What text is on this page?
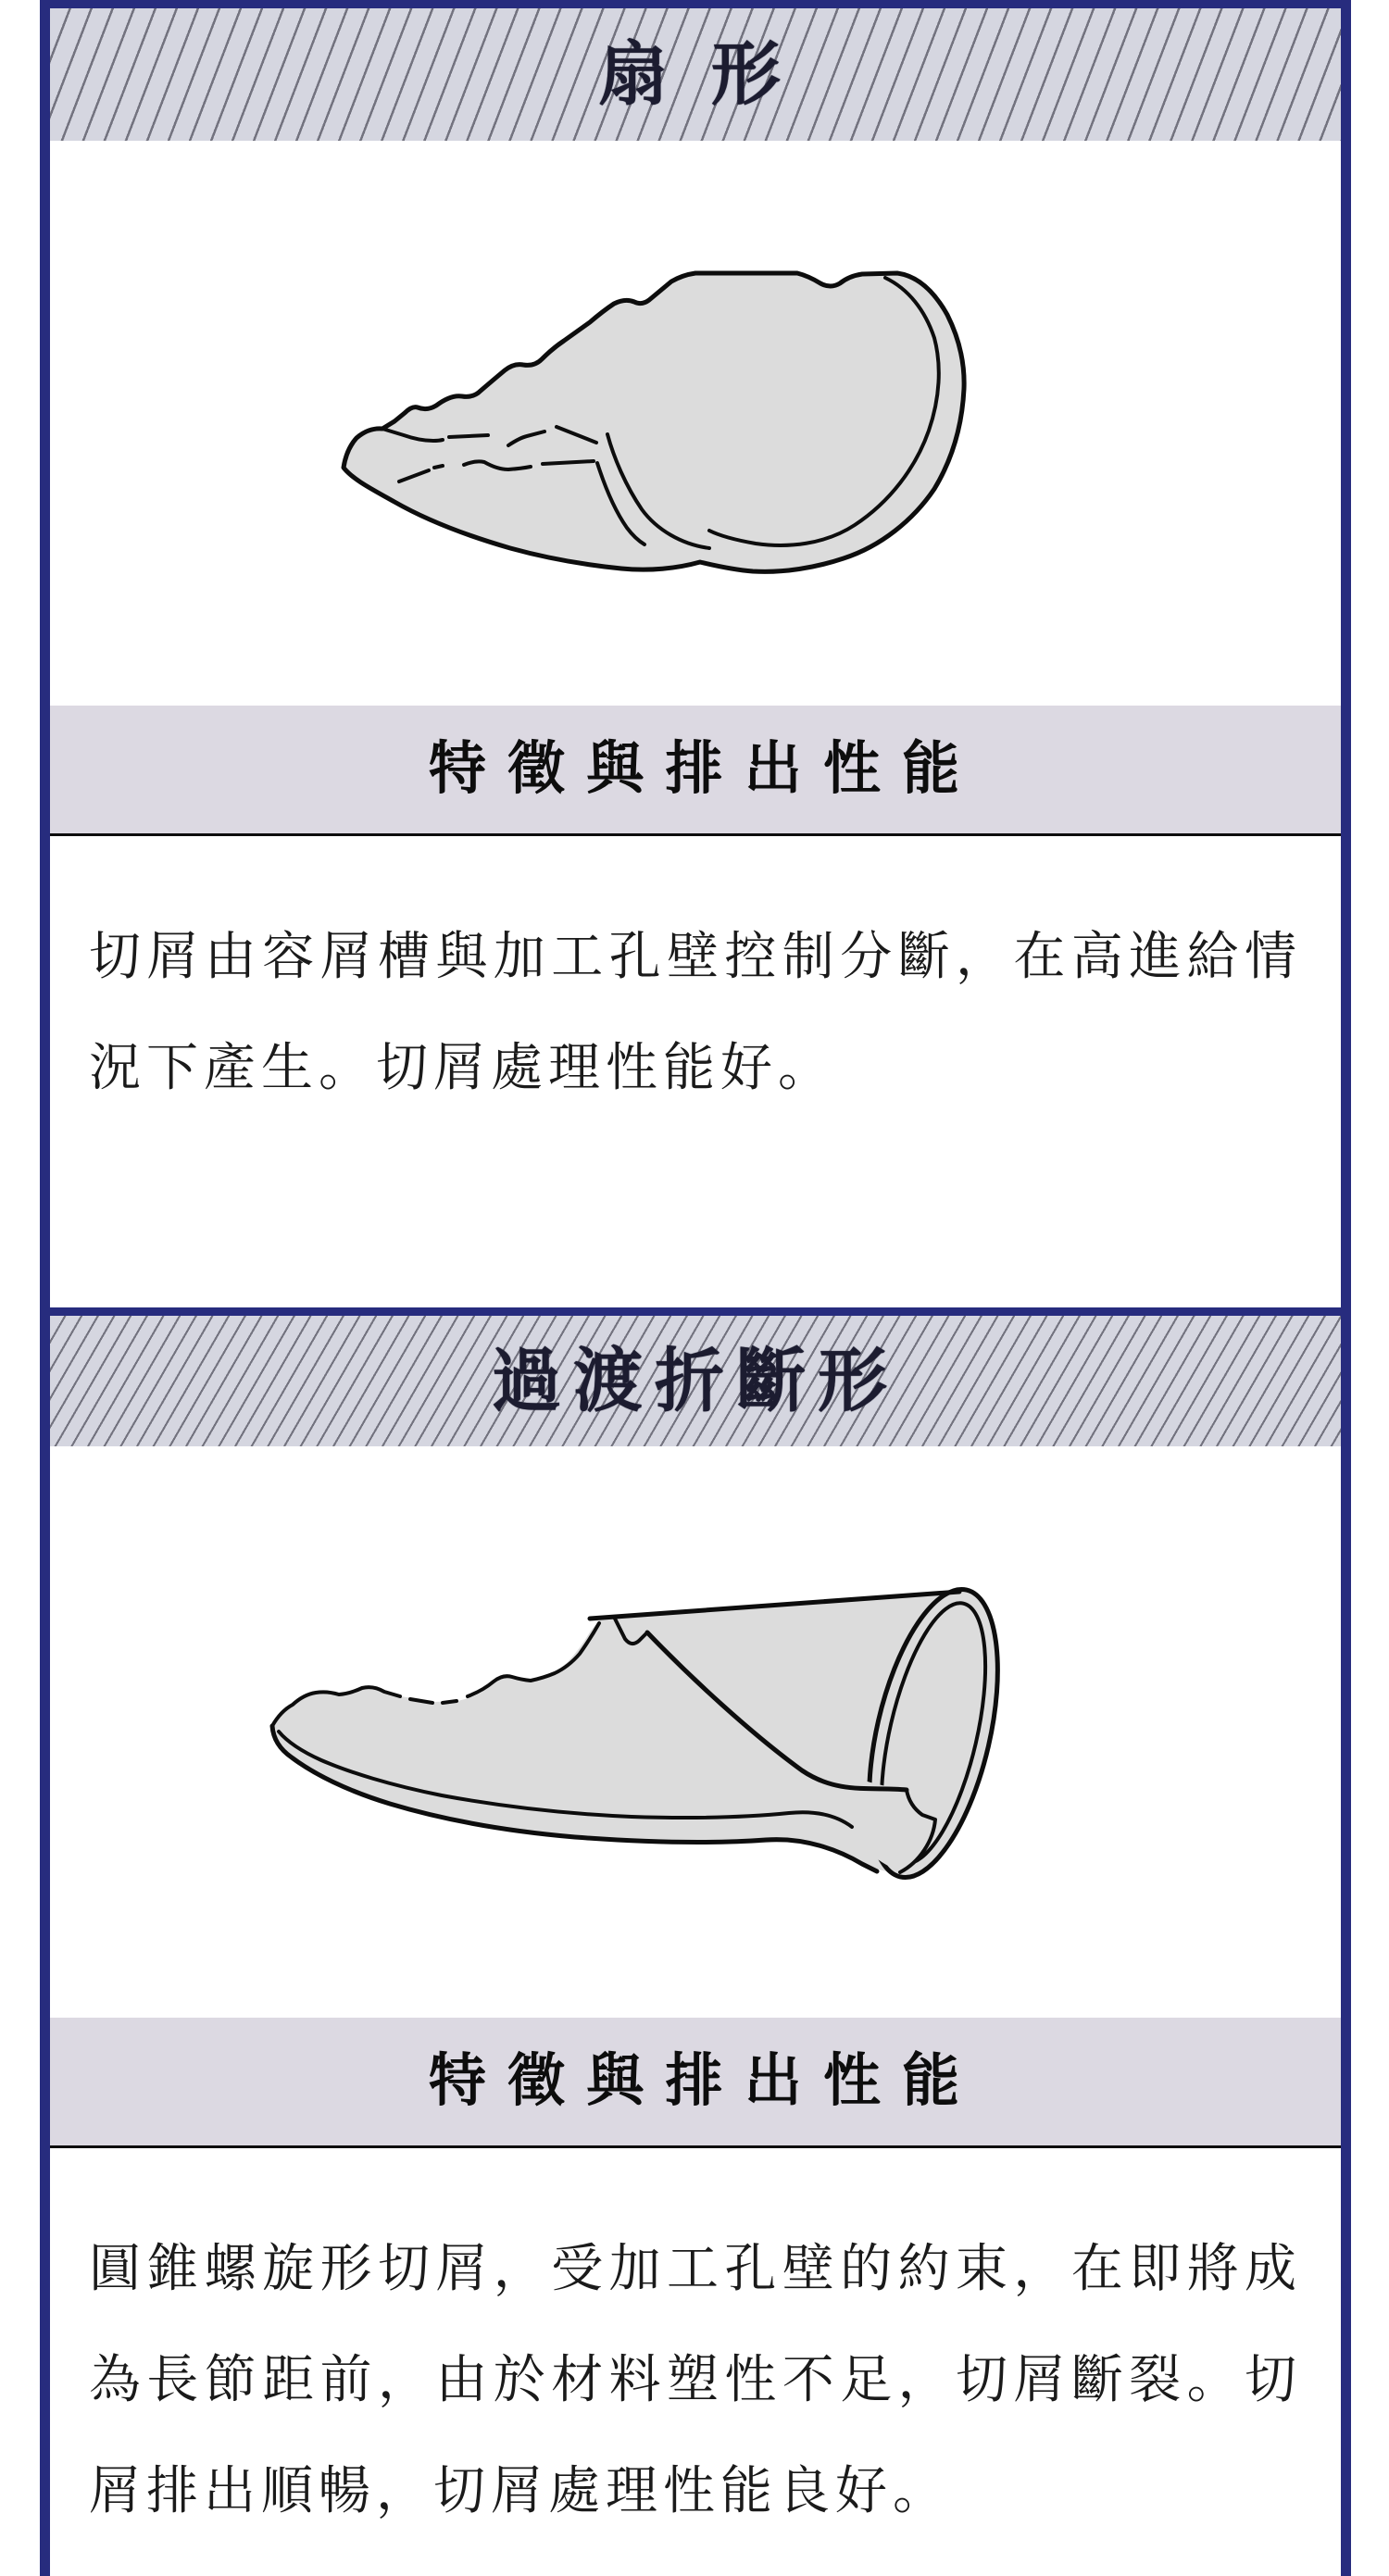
扇 形
特 徵 與 排 出 性 能

切屑由容屑槽與加工孔壁控制分斷，在高進給情況下產生。切屑處理性能好。

過渡折斷形
特 徵 與 排 出 性 能

圓錐螺旋形切屑，受加工孔壁的約束，在即將成為長節距前，由於材料塑性不足，切屑斷裂。切屑排出順暢，切屑處理性能良好。
